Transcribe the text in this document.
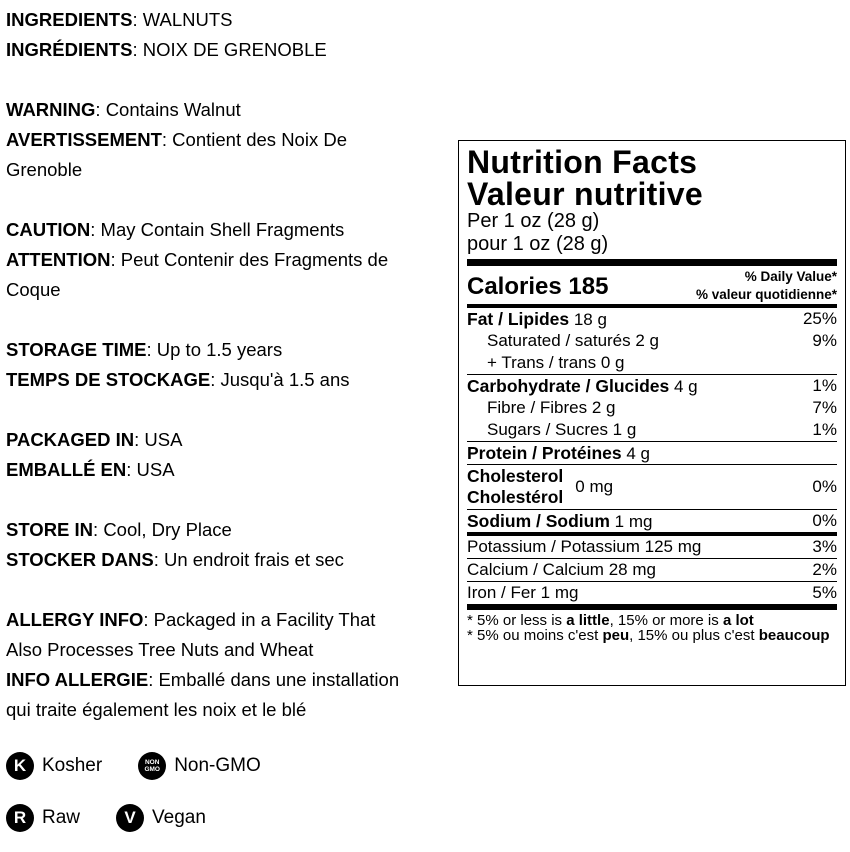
INGREDIENTS: WALNUTS
INGRÉDIENTS: NOIX DE GRENOBLE
WARNING: Contains Walnut
AVERTISSEMENT: Contient des Noix De
Grenoble
CAUTION: May Contain Shell Fragments
ATTENTION: Peut Contenir des Fragments de
Coque
STORAGE TIME: Up to 1.5 years
TEMPS DE STOCKAGE: Jusqu'à 1.5 ans
PACKAGED IN: USA
EMBALLÉ EN: USA
STORE IN: Cool, Dry Place
STOCKER DANS: Un endroit frais et sec
ALLERGY INFO: Packaged in a Facility That
Also Processes Tree Nuts and Wheat
INFO ALLERGIE: Emballé dans une installation
qui traite également les noix et le blé
K Kosher	NON
GMO Non-GMO
R Raw	V Vegan
Nutrition Facts
Valeur nutritive
Per 1 oz (28 g)
pour 1 oz (28 g)
Calories 185	% Daily Value*
% valeur quotidienne*
Fat / Lipides 18 g	25%
Saturated / saturés 2 g	9%
+ Trans / trans 0 g
Carbohydrate / Glucides 4 g	1%
Fibre / Fibres 2 g	7%
Sugars / Sucres 1 g	1%
Protein / Protéines 4 g
Cholesterol
Cholestérol
0 mg	0%
Sodium / Sodium 1 mg	0%
Potassium / Potassium 125 mg	3%
Calcium / Calcium 28 mg	2%
Iron / Fer 1 mg	5%
* 5% or less is a little, 15% or more is a lot
* 5% ou moins c'est peu, 15% ou plus c'est beaucoup
